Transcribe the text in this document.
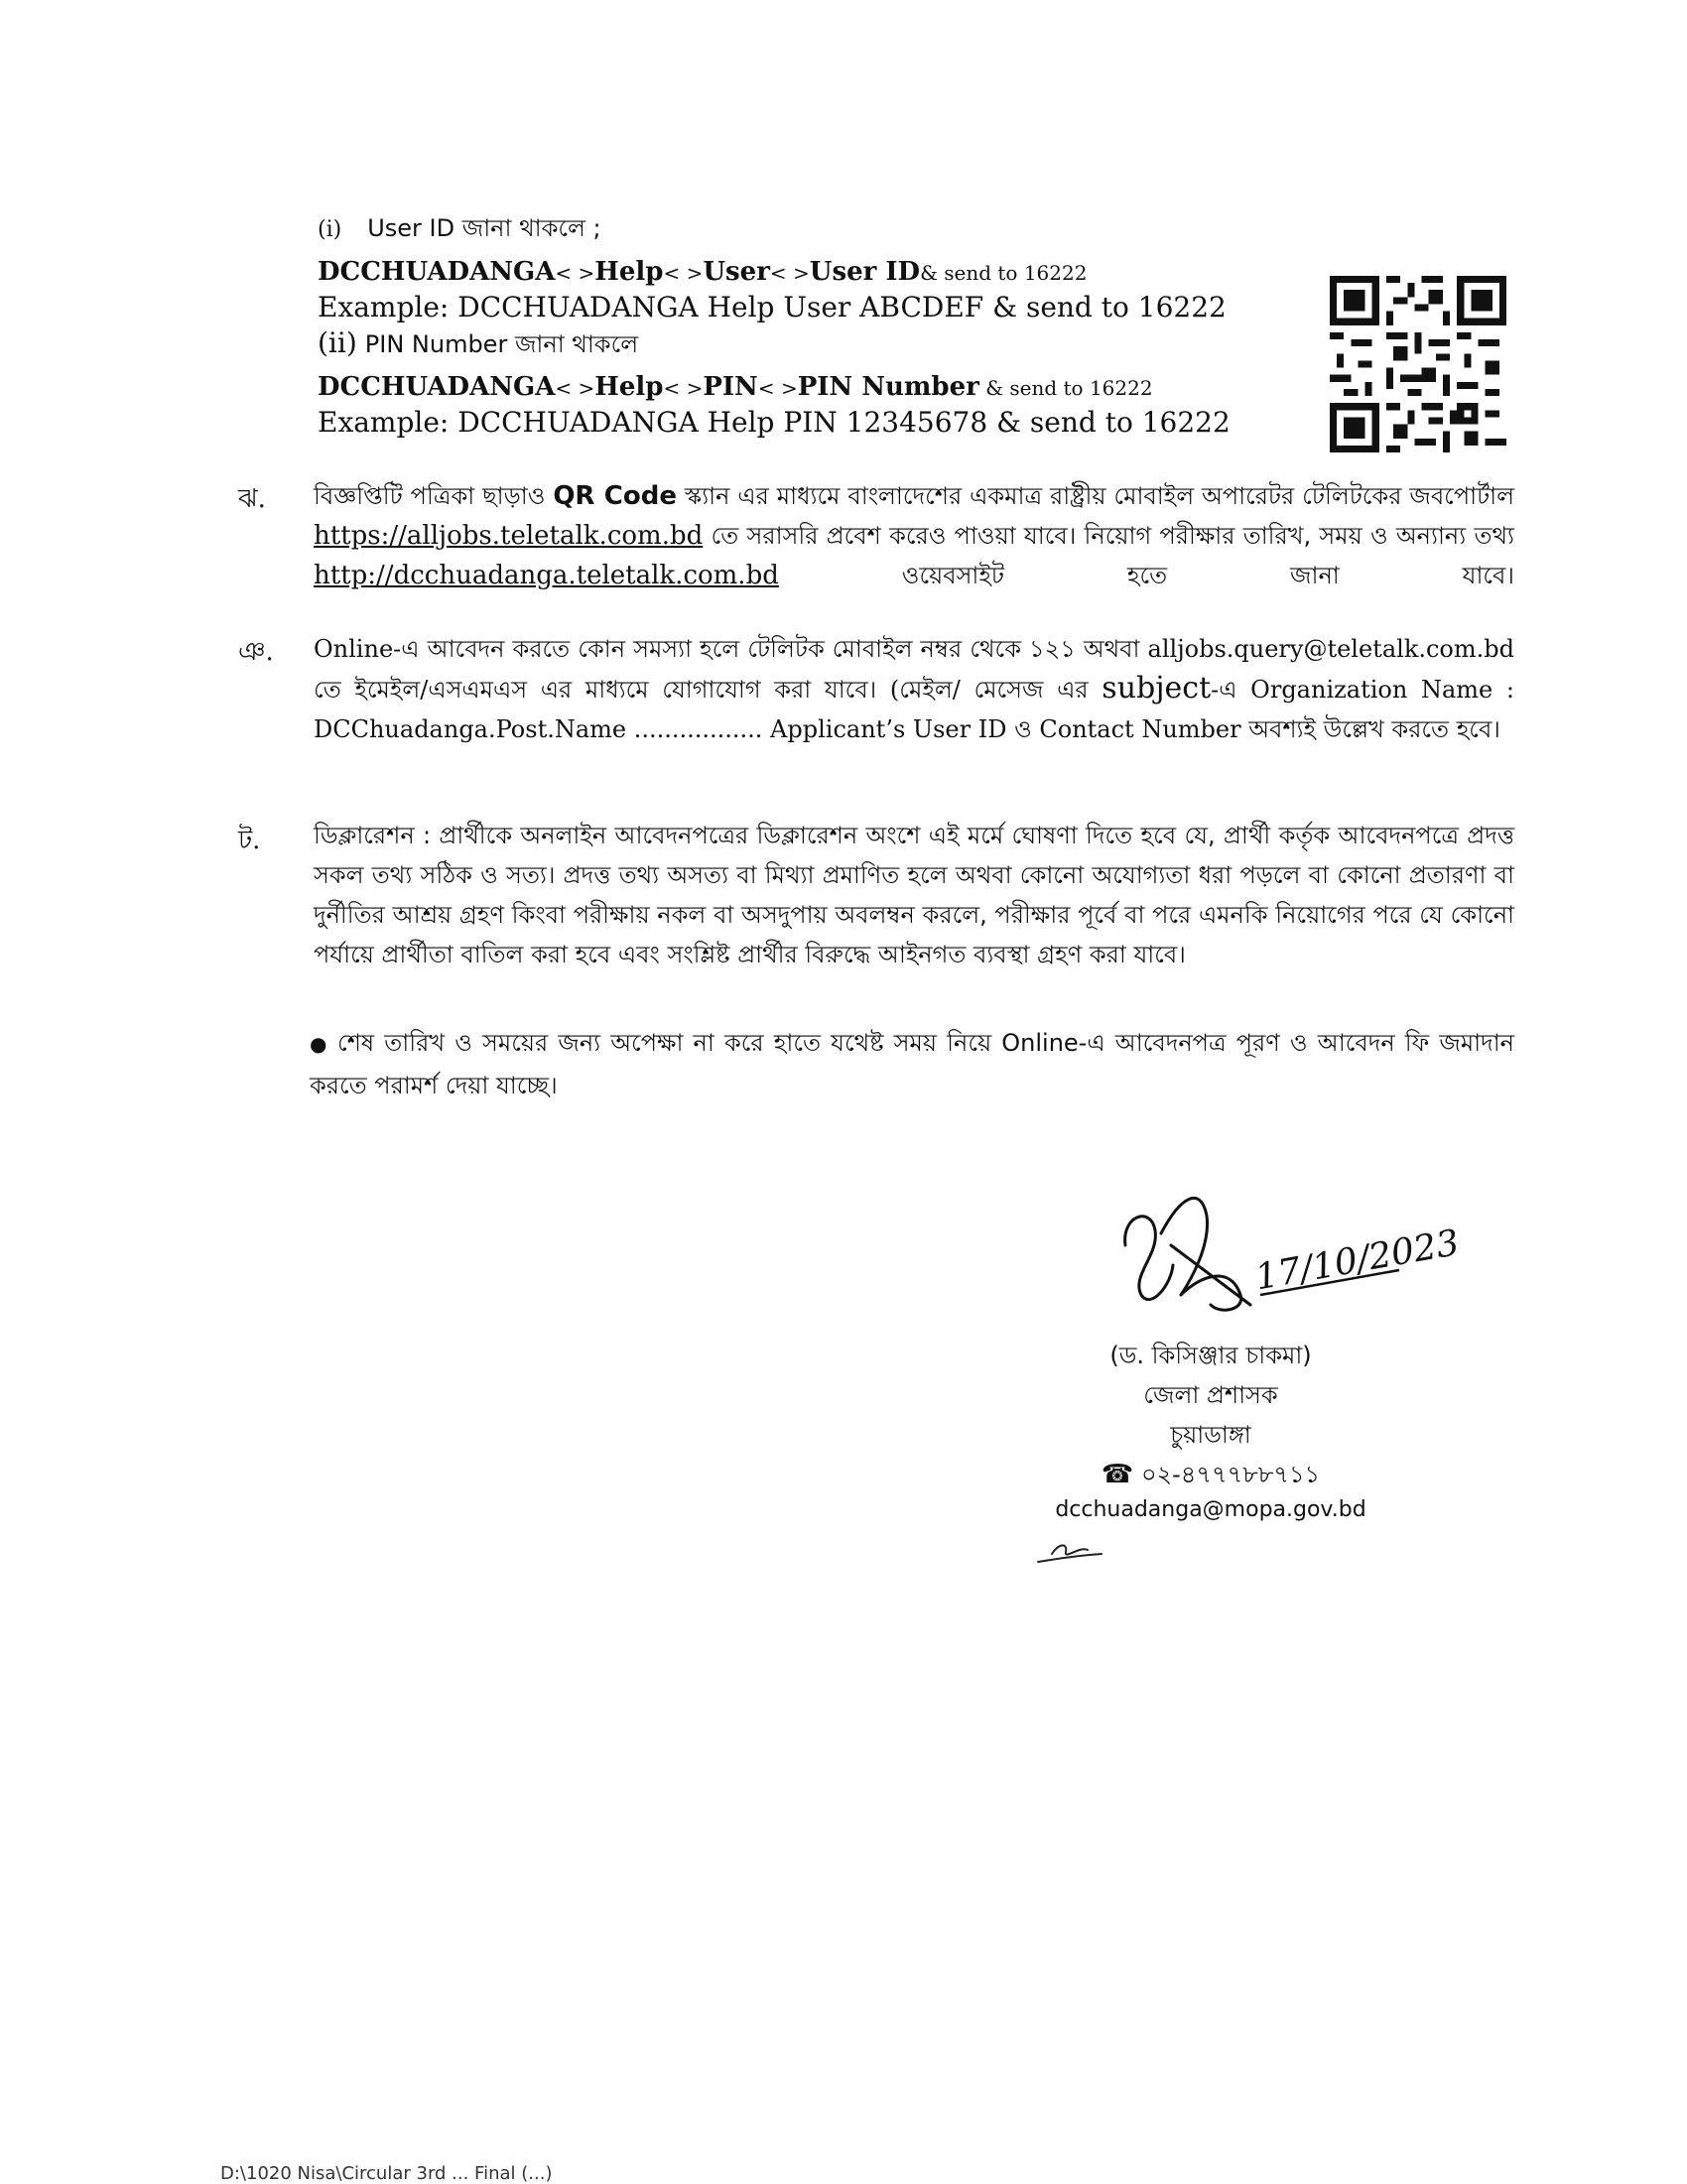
(i) User ID জানা থাকলে ;
DCCHUADANGA< >Help< >User< >User ID& send to 16222
Example: DCCHUADANGA Help User ABCDEF & send to 16222
(ii) PIN Number জানা থাকলে
DCCHUADANGA< >Help< >PIN< >PIN Number & send to 16222
Example: DCCHUADANGA Help PIN 12345678 & send to 16222
ঝ. বিজ্ঞপ্তিটি পত্রিকা ছাড়াও QR Code স্ক্যান এর মাধ্যমে বাংলাদেশের একমাত্র রাষ্ট্রীয় মোবাইল অপারেটর টেলিটকের জবপোর্টাল https://alljobs.teletalk.com.bd তে সরাসরি প্রবেশ করেও পাওয়া যাবে। নিয়োগ পরীক্ষার তারিখ, সময় ও অন্যান্য তথ্য http://dcchuadanga.teletalk.com.bd ওয়েবসাইট হতে জানা যাবে।
ঞ. Online-এ আবেদন করতে কোন সমস্যা হলে টেলিটক মোবাইল নম্বর থেকে ১২১ অথবা alljobs.query@teletalk.com.bd তে ইমেইল/এসএমএস এর মাধ্যমে যোগাযোগ করা যাবে। (মেইল/ মেসেজ এর subject-এ Organization Name : DCChuadanga.Post.Name ................. Applicant’s User ID ও Contact Number অবশ্যই উল্লেখ করতে হবে।
ট. ডিক্লারেশন : প্রার্থীকে অনলাইন আবেদনপত্রের ডিক্লারেশন অংশে এই মর্মে ঘোষণা দিতে হবে যে, প্রার্থী কর্তৃক আবেদনপত্রে প্রদত্ত সকল তথ্য সঠিক ও সত্য। প্রদত্ত তথ্য অসত্য বা মিথ্যা প্রমাণিত হলে অথবা কোনো অযোগ্যতা ধরা পড়লে বা কোনো প্রতারণা বা দুর্নীতির আশ্রয় গ্রহণ কিংবা পরীক্ষায় নকল বা অসদুপায় অবলম্বন করলে, পরীক্ষার পূর্বে বা পরে এমনকি নিয়োগের পরে যে কোনো পর্যায়ে প্রার্থীতা বাতিল করা হবে এবং সংশ্লিষ্ট প্রার্থীর বিরুদ্ধে আইনগত ব্যবস্থা গ্রহণ করা যাবে।
● শেষ তারিখ ও সময়ের জন্য অপেক্ষা না করে হাতে যথেষ্ট সময় নিয়ে Online-এ আবেদনপত্র পূরণ ও আবেদন ফি জমাদান করতে পরামর্শ দেয়া যাচ্ছে।
17/10/2023
(ড. কিসিঞ্জার চাকমা)
জেলা প্রশাসক
চুয়াডাঙ্গা
☎ ০২-৪৭৭৭৮৮৭১১
dcchuadanga@mopa.gov.bd
D:\1020 Nisa\Circular 3rd ... Final (...)
